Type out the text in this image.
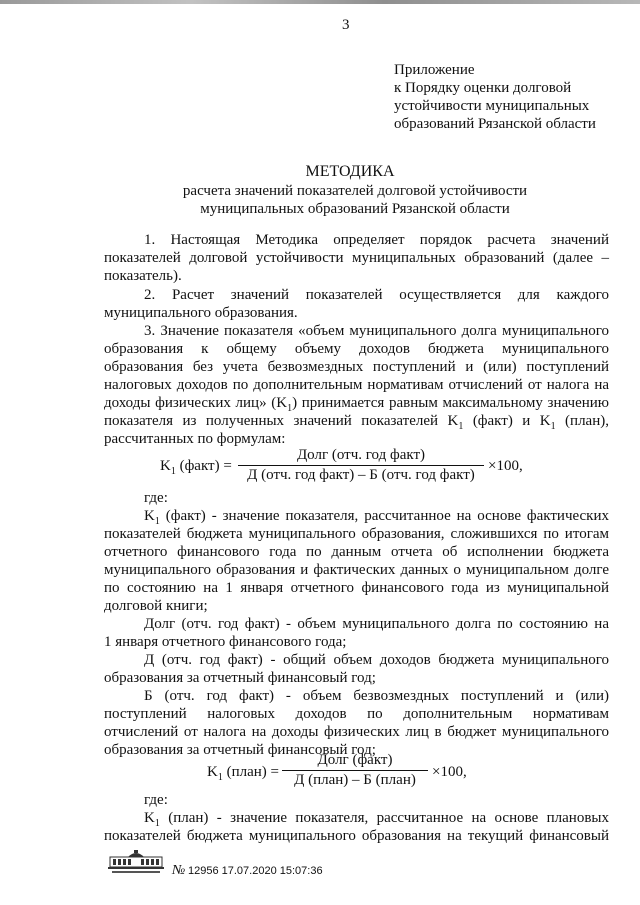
3
Приложение
к Порядку оценки долговой
устойчивости муниципальных
образований Рязанской области
МЕТОДИКА
расчета значений показателей долговой устойчивости
муниципальных образований Рязанской области
1. Настоящая Методика определяет порядок расчета значений
показателей долговой устойчивости муниципальных образований (далее –
показатель).
2. Расчет значений показателей осуществляется для каждого
муниципального образования.
3. Значение показателя «объем муниципального долга муниципального
образования к общему объему доходов бюджета муниципального
образования без учета безвозмездных поступлений и (или) поступлений
налоговых доходов по дополнительным нормативам отчислений от налога на
доходы физических лиц» $(K_1)$ принимается равным максимальному значению
показателя из полученных значений показателей $K_1$ (факт) и $K_1$ (план),
рассчитанных по формулам:
$K_1$ (факт) =
Долг (отч. год факт)
Д (отч. год факт) – Б (отч. год факт)
×100,
где:
$K_1$ (факт) - значение показателя, рассчитанное на основе фактических
показателей бюджета муниципального образования, сложившихся по итогам
отчетного финансового года по данным отчета об исполнении бюджета
муниципального образования и фактических данных о муниципальном долге
по состоянию на 1 января отчетного финансового года из муниципальной
долговой книги;
Долг (отч. год факт) - объем муниципального долга по состоянию на
1 января отчетного финансового года;
Д (отч. год факт) - общий объем доходов бюджета муниципального
образования за отчетный финансовый год;
Б (отч. год факт) - объем безвозмездных поступлений и (или)
поступлений налоговых доходов по дополнительным нормативам
отчислений от налога на доходы физических лиц в бюджет муниципального
образования за отчетный финансовый год;
$K_1$ (план) =
Долг (факт)
Д (план) – Б (план)	×100,
где:
$K_1$ (план) - значение показателя, рассчитанное на основе плановых
показателей бюджета муниципального образования на текущий финансовый
№ 12956 17.07.2020 15:07:36
